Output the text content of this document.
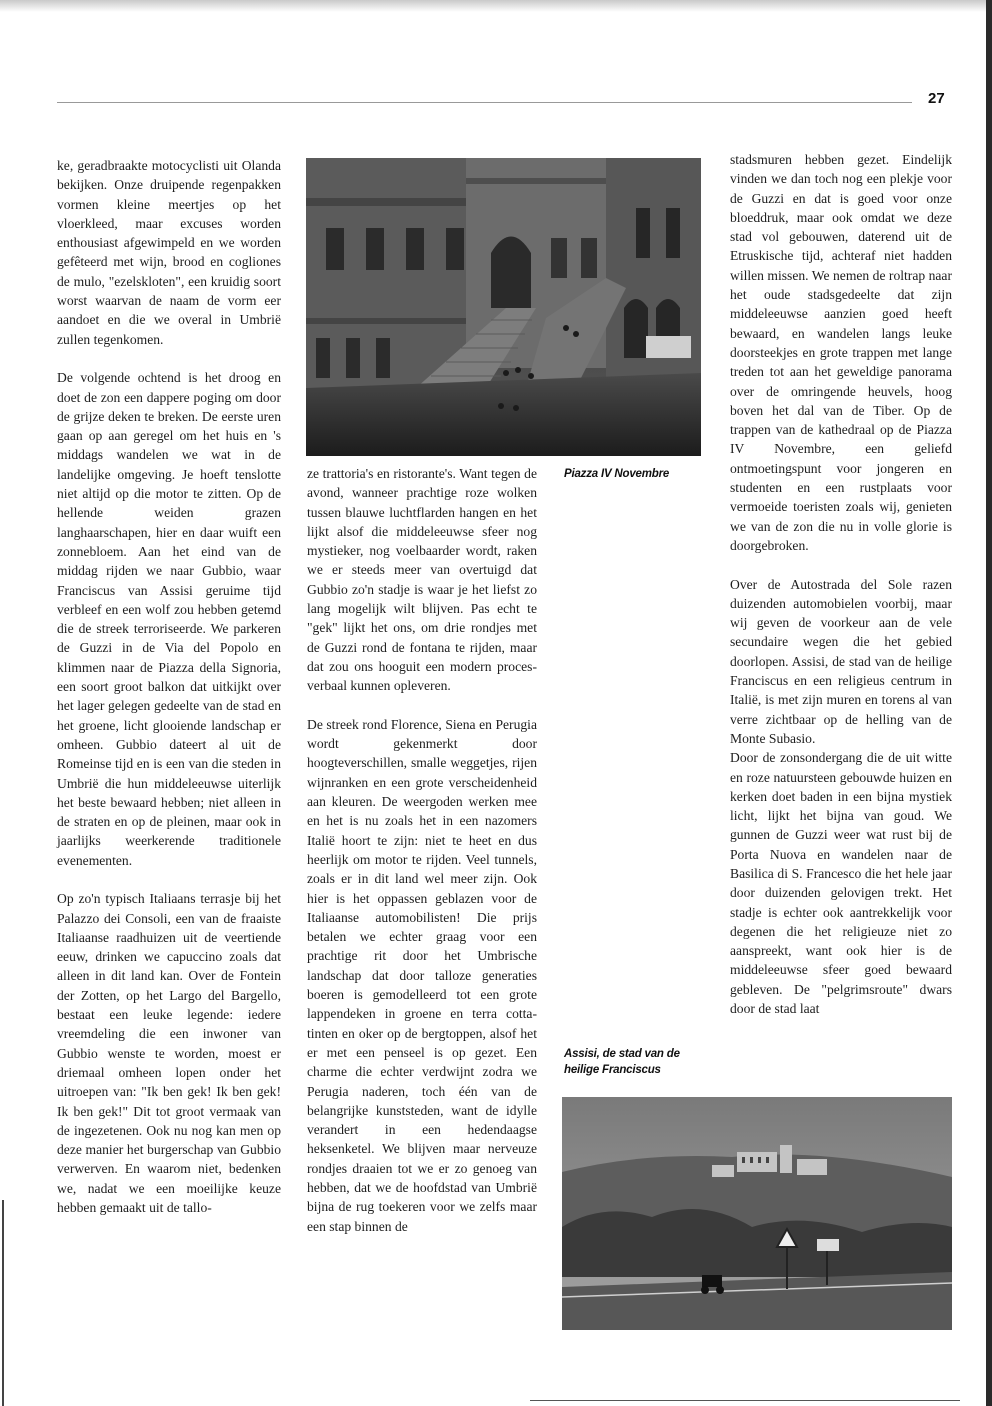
27

ke, geradbraakte motocyclisti uit Olanda bekijken. Onze druipende regenpakken vormen kleine meertjes op het vloerkleed, maar excuses worden enthousiast afgewimpeld en we worden gefêteerd met wijn, brood en cogliones de mulo, "ezelskloten", een kruidig soort worst waarvan de naam de vorm eer aandoet en die we overal in Umbrië zullen tegenkomen.

De volgende ochtend is het droog en doet de zon een dappere poging om door de grijze deken te breken. De eerste uren gaan op aan geregel om het huis en 's middags wandelen we wat in de landelijke omgeving. Je hoeft tenslotte niet altijd op die motor te zitten. Op de hellende weiden grazen langhaarschapen, hier en daar wuift een zonnebloem. Aan het eind van de middag rijden we naar Gubbio, waar Franciscus van Assisi geruime tijd verbleef en een wolf zou hebben getemd die de streek terroriseerde. We parkeren de Guzzi in de Via del Popolo en klimmen naar de Piazza della Signoria, een soort groot balkon dat uitkijkt over het lager gelegen gedeelte van de stad en het groene, licht glooiende landschap er omheen. Gubbio dateert al uit de Romeinse tijd en is een van die steden in Umbrië die hun middeleeuwse uiterlijk het beste bewaard hebben; niet alleen in de straten en op de pleinen, maar ook in jaarlijks weerkerende traditionele evenementen.

Op zo'n typisch Italiaans terrasje bij het Palazzo dei Consoli, een van de fraaiste Italiaanse raadhuizen uit de veertiende eeuw, drinken we capuccino zoals dat alleen in dit land kan. Over de Fontein der Zotten, op het Largo del Bargello, bestaat een leuke legende: iedere vreemdeling die een inwoner van Gubbio wenste te worden, moest er driemaal omheen lopen onder het uitroepen van: "Ik ben gek! Ik ben gek! Ik ben gek!" Dit tot groot vermaak van de ingezetenen. Ook nu nog kan men op deze manier het burgerschap van Gubbio verwerven. En waarom niet, bedenken we, nadat we een moeilijke keuze hebben gemaakt uit de tallo-

Piazza IV Novembre

ze trattoria's en ristorante's. Want tegen de avond, wanneer prachtige roze wolken tussen blauwe luchtflarden hangen en het lijkt alsof die middeleeuwse sfeer nog mystieker, nog voelbaarder wordt, raken we er steeds meer van overtuigd dat Gubbio zo'n stadje is waar je het liefst zo lang mogelijk wilt blijven. Pas echt te "gek" lijkt het ons, om drie rondjes met de Guzzi rond de fontana te rijden, maar dat zou ons hooguit een modern proces-verbaal kunnen opleveren.

De streek rond Florence, Siena en Perugia wordt gekenmerkt door hoogteverschillen, smalle weggetjes, rijen wijnranken en een grote verscheidenheid aan kleuren. De weergoden werken mee en het is nu zoals het in een nazomers Italië hoort te zijn: niet te heet en dus heerlijk om motor te rijden. Veel tunnels, zoals er in dit land wel meer zijn. Ook hier is het oppassen geblazen voor de Italiaanse automobilisten! Die prijs betalen we echter graag voor een prachtige rit door het Umbrische landschap dat door talloze generaties boeren is gemodelleerd tot een grote lappendeken in groene en terra cotta-tinten en oker op de bergtoppen, alsof het er met een penseel is op gezet. Een charme die echter verdwijnt zodra we Perugia naderen, toch één van de belangrijke kunststeden, want de idylle verandert in een hedendaagse heksenketel. We blijven maar nerveuze rondjes draaien tot we er zo genoeg van hebben, dat we de hoofdstad van Umbrië bijna de rug toekeren voor we zelfs maar een stap binnen de

stadsmuren hebben gezet. Eindelijk vinden we dan toch nog een plekje voor de Guzzi en dat is goed voor onze bloeddruk, maar ook omdat we deze stad vol gebouwen, daterend uit de Etruskische tijd, achteraf niet hadden willen missen. We nemen de roltrap naar het oude stadsgedeelte dat zijn middeleeuwse aanzien goed heeft bewaard, en wandelen langs leuke doorsteekjes en grote trappen met lange treden tot aan het geweldige panorama over de omringende heuvels, hoog boven het dal van de Tiber. Op de trappen van de kathedraal op de Piazza IV Novembre, een geliefd ontmoetingspunt voor jongeren en studenten en een rustplaats voor vermoeide toeristen zoals wij, genieten we van de zon die nu in volle glorie is doorgebroken.

Over de Autostrada del Sole razen duizenden automobielen voorbij, maar wij geven de voorkeur aan de vele secundaire wegen die het gebied doorlopen. Assisi, de stad van de heilige Franciscus en een religieus centrum in Italië, is met zijn muren en torens al van verre zichtbaar op de helling van de Monte Subasio.

Door de zonsondergang die de uit witte en roze natuursteen gebouwde huizen en kerken doet baden in een bijna mystiek licht, lijkt het bijna van goud. We gunnen de Guzzi weer wat rust bij de Porta Nuova en wandelen naar de Basilica di S. Francesco die het hele jaar door duizenden gelovigen trekt. Het stadje is echter ook aantrekkelijk voor degenen die het religieuze niet zo aanspreekt, want ook hier is de middeleeuwse sfeer goed bewaard gebleven. De "pelgrimsroute" dwars door de stad laat

Assisi, de stad van de heilige Franciscus
